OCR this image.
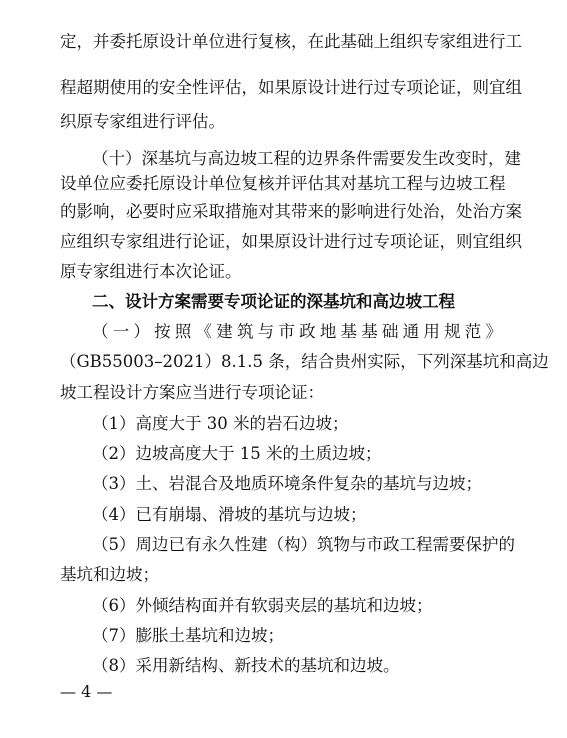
定，并委托原设计单位进行复核，在此基础上组织专家组进行工
程超期使用的安全性评估，如果原设计进行过专项论证，则宜组
织原专家组进行评估。
（十）深基坑与高边坡工程的边界条件需要发生改变时，建
设单位应委托原设计单位复核并评估其对基坑工程与边坡工程
的影响，必要时应采取措施对其带来的影响进行处治，处治方案
应组织专家组进行论证，如果原设计进行过专项论证，则宜组织
原专家组进行本次论证。
二、设计方案需要专项论证的深基坑和高边坡工程
（一）按照《建筑与市政地基基础通用规范》
（GB55003–2021）8.1.5 条，结合贵州实际，下列深基坑和高边
坡工程设计方案应当进行专项论证：
（1）高度大于 30 米的岩石边坡；
（2）边坡高度大于 15 米的土质边坡；
（3）土、岩混合及地质环境条件复杂的基坑与边坡；
（4）已有崩塌、滑坡的基坑与边坡；
（5）周边已有永久性建（构）筑物与市政工程需要保护的
基坑和边坡；
（6）外倾结构面并有软弱夹层的基坑和边坡；
（7）膨胀土基坑和边坡；
（8）采用新结构、新技术的基坑和边坡。
— 4 —
